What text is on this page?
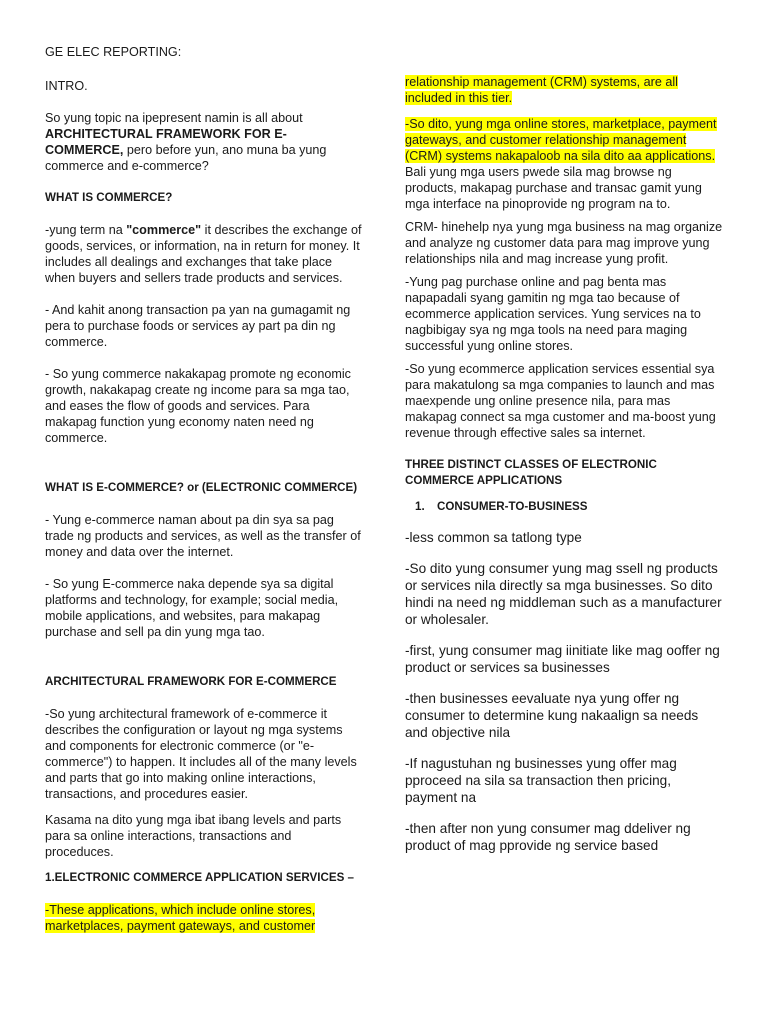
GE ELEC REPORTING:

INTRO.

So yung topic na ipepresent namin is all about ARCHITECTURAL FRAMEWORK FOR E-COMMERCE, pero before yun, ano muna ba yung commerce and e-commerce?

WHAT IS COMMERCE?

-yung term na "commerce" it describes the exchange of goods, services, or information, na in return for money. It includes all dealings and exchanges that take place when buyers and sellers trade products and services.

- And kahit anong transaction pa yan na gumagamit ng pera to purchase foods or services ay part pa din ng commerce.

- So yung commerce nakakapag promote ng economic growth, nakakapag create ng income para sa mga tao, and eases the flow of goods and services. Para makapag function yung economy naten need ng commerce.

WHAT IS E-COMMERCE? or (ELECTRONIC COMMERCE)

- Yung e-commerce naman about pa din sya sa pag trade ng products and services, as well as the transfer of money and data over the internet.

- So yung E-commerce naka depende sya sa digital platforms and technology, for example; social media, mobile applications, and websites, para makapag purchase and sell pa din yung mga tao.

ARCHITECTURAL FRAMEWORK FOR E-COMMERCE

-So yung architectural framework of e-commerce it describes the configuration or layout ng mga systems and components for electronic commerce (or "e-commerce") to happen. It includes all of the many levels and parts that go into making online interactions, transactions, and procedures easier.

Kasama na dito yung mga ibat ibang levels and parts para sa online interactions, transactions and proceduces.

1.ELECTRONIC COMMERCE APPLICATION SERVICES –

-These applications, which include online stores, marketplaces, payment gateways, and customer

relationship management (CRM) systems, are all included in this tier.

-So dito, yung mga online stores, marketplace, payment gateways, and customer relationship management (CRM) systems nakapaloob na sila dito aa applications. Bali yung mga users pwede sila mag browse ng products, makapag purchase and transac gamit yung mga interface na pinoprovide ng program na to.

CRM- hinehelp nya yung mga business na mag organize and analyze ng customer data para mag improve yung relationships nila and mag increase yung profit.

-Yung pag purchase online and pag benta mas napapadali syang gamitin ng mga tao because of ecommerce application services. Yung services na to nagbibigay sya ng mga tools na need para maging successful yung online stores.

-So yung ecommerce application services essential sya para makatulong sa mga companies to launch and mas maexpende ung online presence nila, para mas makapag connect sa mga customer and ma-boost yung revenue through effective sales sa internet.

THREE DISTINCT CLASSES OF ELECTRONIC COMMERCE APPLICATIONS

1. CONSUMER-TO-BUSINESS

-less common sa tatlong type

-So dito yung consumer yung mag ssell ng products or services nila directly sa mga businesses. So dito hindi na need ng middleman such as a manufacturer or wholesaler.

-first, yung consumer mag iinitiate like mag ooffer ng product or services sa businesses

-then businesses eevaluate nya yung offer ng consumer to determine kung nakaalign sa needs and objective nila

-If nagustuhan ng businesses yung offer mag pproceed na sila sa transaction then pricing, payment na

-then after non yung consumer mag ddeliver ng product of mag pprovide ng service based
